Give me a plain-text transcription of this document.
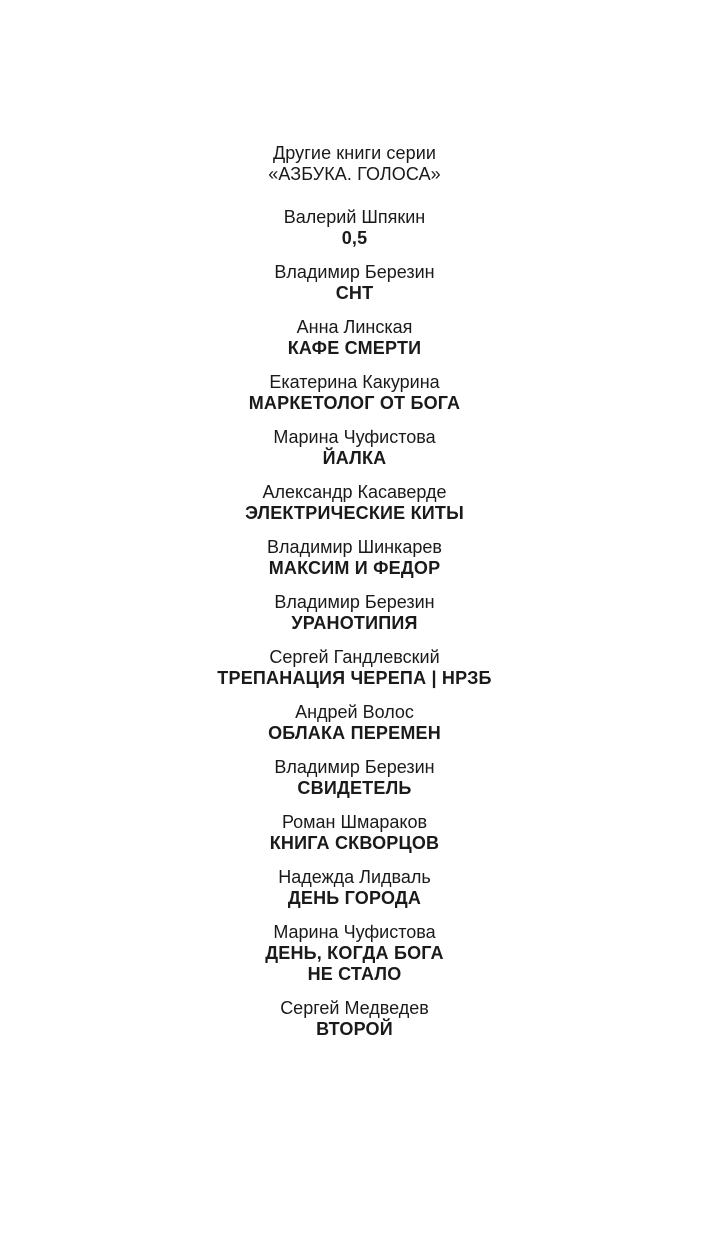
Другие книги серии
«АЗБУКА. ГОЛОСА»
Валерий Шпякин
0,5
Владимир Березин
СНТ
Анна Линская
КАФЕ СМЕРТИ
Екатерина Какурина
МАРКЕТОЛОГ ОТ БОГА
Марина Чуфистова
ЙАЛКА
Александр Касаверде
ЭЛЕКТРИЧЕСКИЕ КИТЫ
Владимир Шинкарев
МАКСИМ И ФЕДОР
Владимир Березин
УРАНОТИПИЯ
Сергей Гандлевский
ТРЕПАНАЦИЯ ЧЕРЕПА | НРЗБ
Андрей Волос
ОБЛАКА ПЕРЕМЕН
Владимир Березин
СВИДЕТЕЛЬ
Роман Шмараков
КНИГА СКВОРЦОВ
Надежда Лидваль
ДЕНЬ ГОРОДА
Марина Чуфистова
ДЕНЬ, КОГДА БОГА
НЕ СТАЛО
Сергей Медведев
ВТОРОЙ
